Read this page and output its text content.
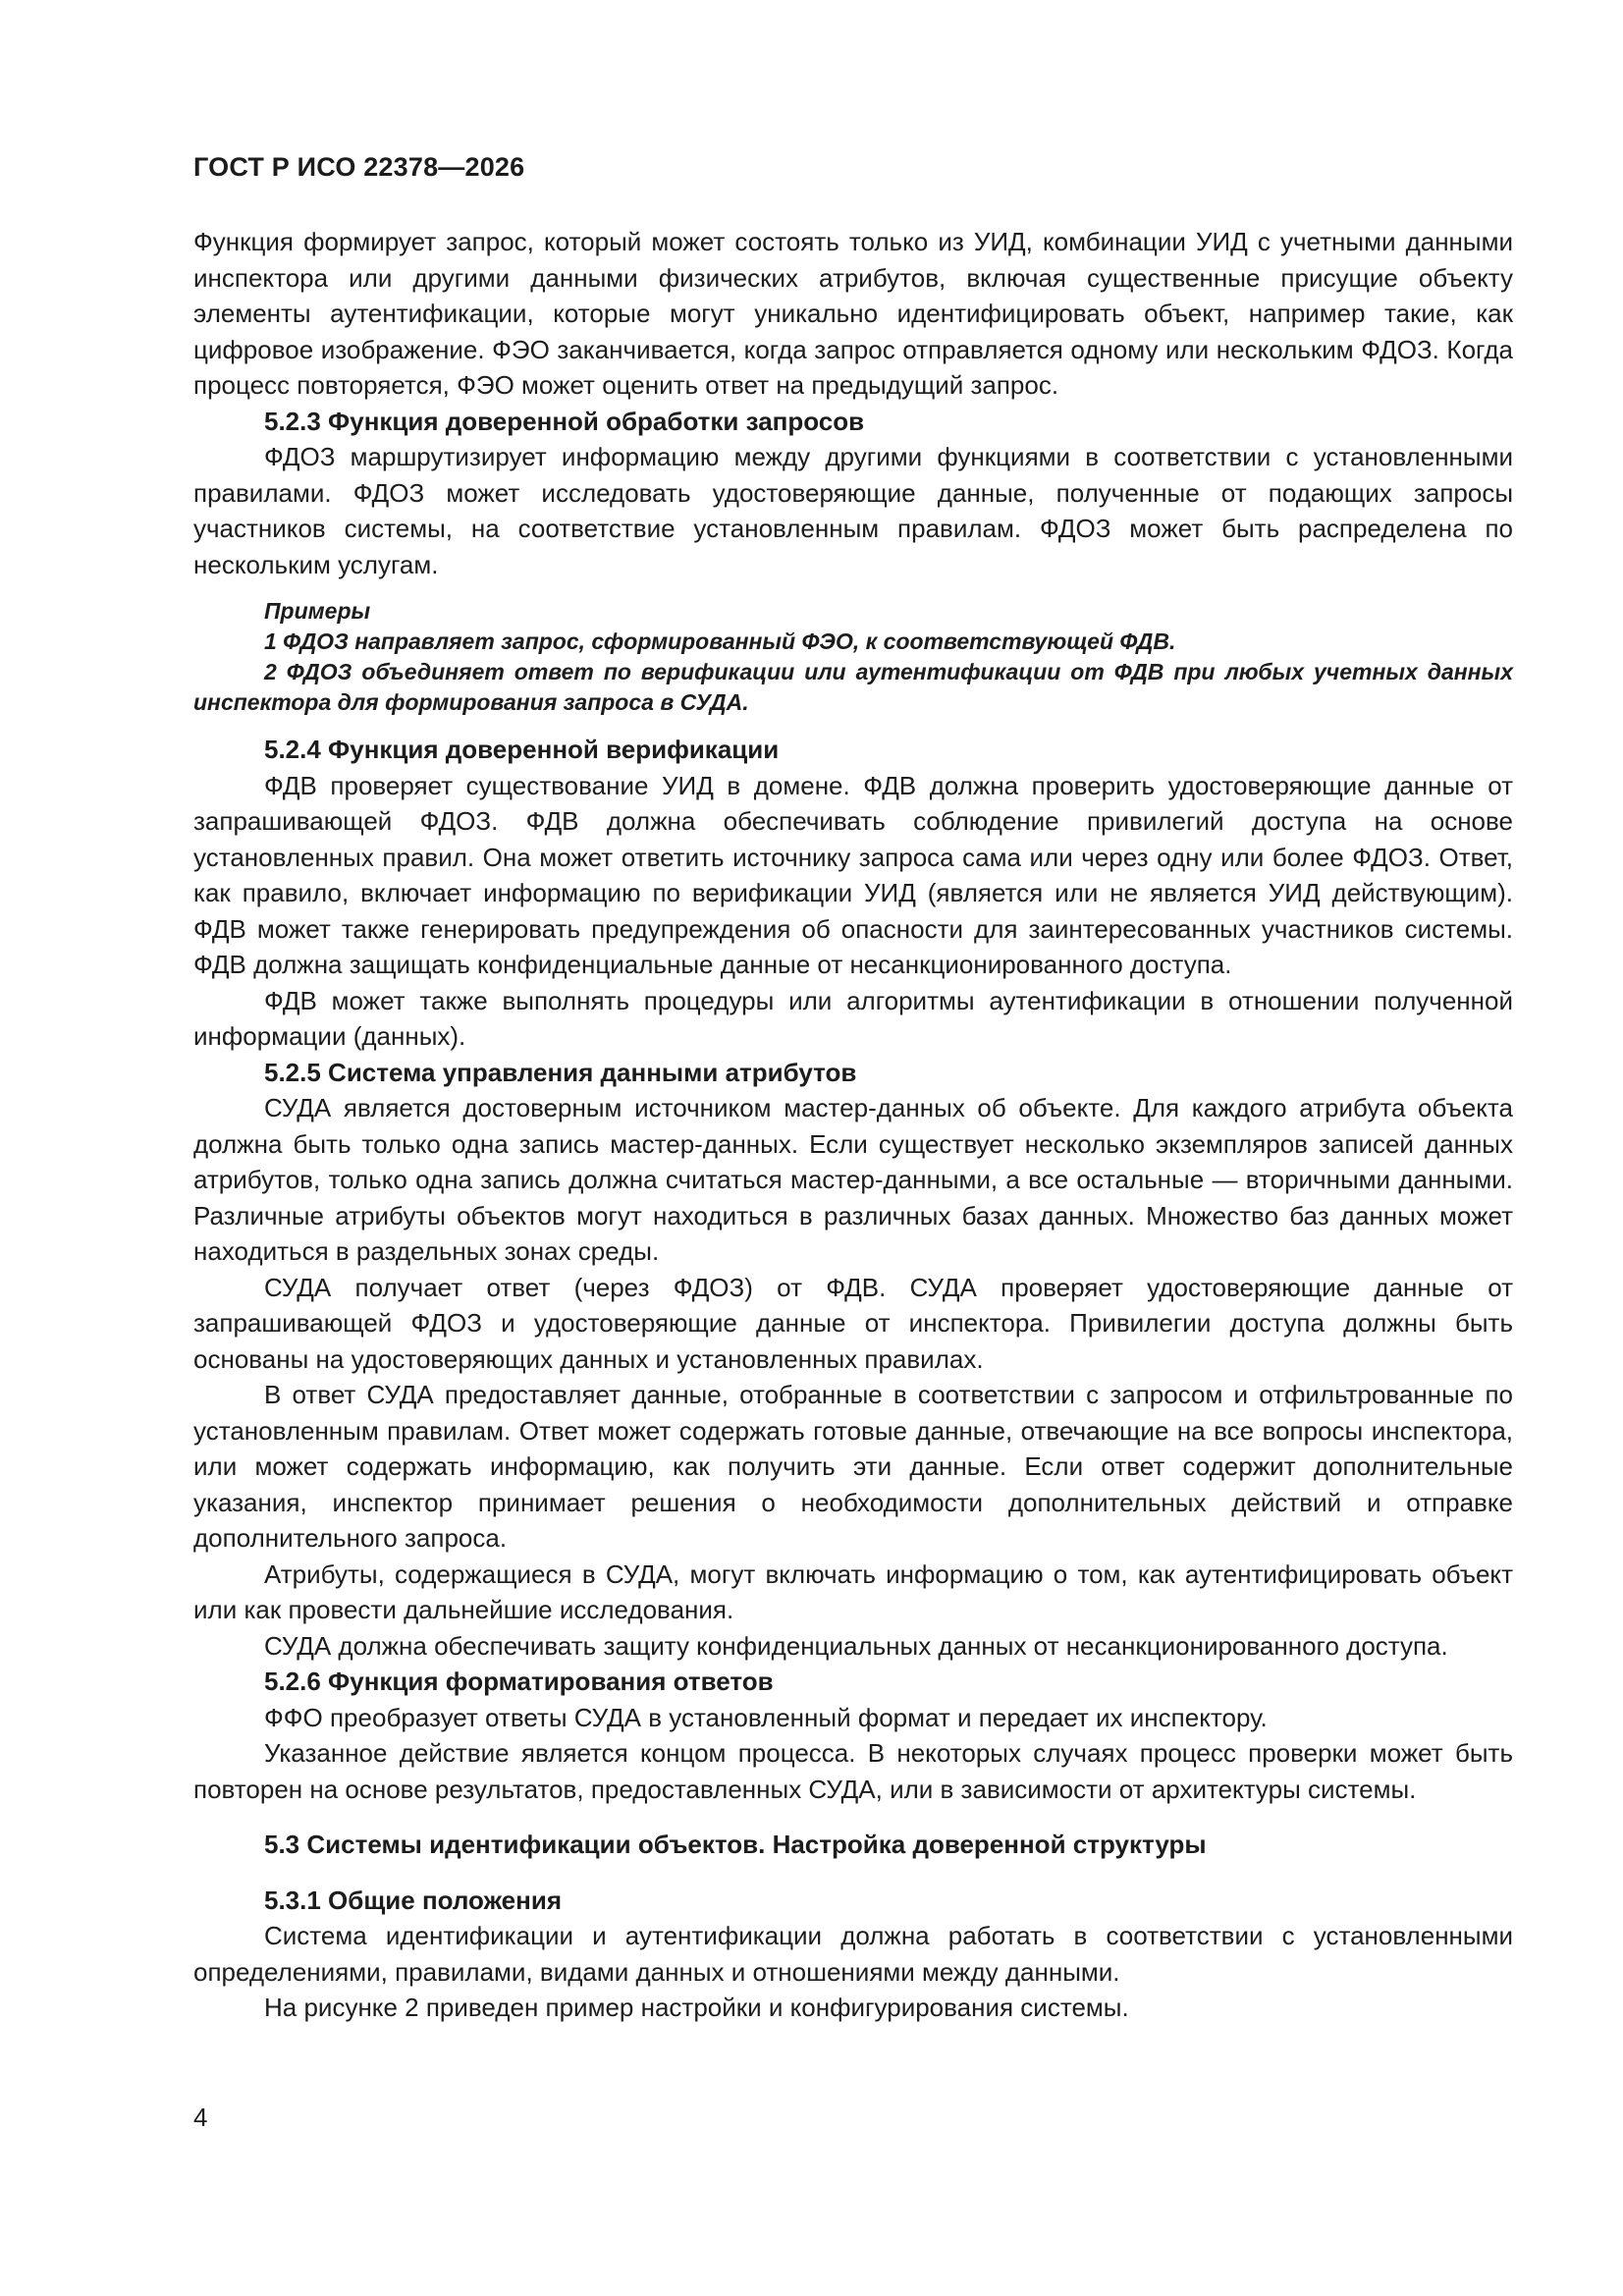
ГОСТ Р ИСО 22378—2026

Функция формирует запрос, который может состоять только из УИД, комбинации УИД с учетными данными инспектора или другими данными физических атрибутов, включая существенные присущие объекту элементы аутентификации, которые могут уникально идентифицировать объект, например такие, как цифровое изображение. ФЭО заканчивается, когда запрос отправляется одному или нескольким ФДОЗ. Когда процесс повторяется, ФЭО может оценить ответ на предыдущий запрос.

5.2.3 Функция доверенной обработки запросов

ФДОЗ маршрутизирует информацию между другими функциями в соответствии с установленными правилами. ФДОЗ может исследовать удостоверяющие данные, полученные от подающих запросы участников системы, на соответствие установленным правилам. ФДОЗ может быть распределена по нескольким услугам.

Примеры

1 ФДОЗ направляет запрос, сформированный ФЭО, к соответствующей ФДВ.

2 ФДОЗ объединяет ответ по верификации или аутентификации от ФДВ при любых учетных данных инспектора для формирования запроса в СУДА.

5.2.4 Функция доверенной верификации

ФДВ проверяет существование УИД в домене. ФДВ должна проверить удостоверяющие данные от запрашивающей ФДОЗ. ФДВ должна обеспечивать соблюдение привилегий доступа на основе установленных правил. Она может ответить источнику запроса сама или через одну или более ФДОЗ. Ответ, как правило, включает информацию по верификации УИД (является или не является УИД действующим). ФДВ может также генерировать предупреждения об опасности для заинтересованных участников системы. ФДВ должна защищать конфиденциальные данные от несанкционированного доступа.

ФДВ может также выполнять процедуры или алгоритмы аутентификации в отношении полученной информации (данных).

5.2.5 Система управления данными атрибутов

СУДА является достоверным источником мастер-данных об объекте. Для каждого атрибута объекта должна быть только одна запись мастер-данных. Если существует несколько экземпляров записей данных атрибутов, только одна запись должна считаться мастер-данными, а все остальные — вторичными данными. Различные атрибуты объектов могут находиться в различных базах данных. Множество баз данных может находиться в раздельных зонах среды.

СУДА получает ответ (через ФДОЗ) от ФДВ. СУДА проверяет удостоверяющие данные от запрашивающей ФДОЗ и удостоверяющие данные от инспектора. Привилегии доступа должны быть основаны на удостоверяющих данных и установленных правилах.

В ответ СУДА предоставляет данные, отобранные в соответствии с запросом и отфильтрованные по установленным правилам. Ответ может содержать готовые данные, отвечающие на все вопросы инспектора, или может содержать информацию, как получить эти данные. Если ответ содержит дополнительные указания, инспектор принимает решения о необходимости дополнительных действий и отправке дополнительного запроса.

Атрибуты, содержащиеся в СУДА, могут включать информацию о том, как аутентифицировать объект или как провести дальнейшие исследования.

СУДА должна обеспечивать защиту конфиденциальных данных от несанкционированного доступа.

5.2.6 Функция форматирования ответов

ФФО преобразует ответы СУДА в установленный формат и передает их инспектору.

Указанное действие является концом процесса. В некоторых случаях процесс проверки может быть повторен на основе результатов, предоставленных СУДА, или в зависимости от архитектуры системы.

5.3 Системы идентификации объектов. Настройка доверенной структуры
5.3.1 Общие положения

Система идентификации и аутентификации должна работать в соответствии с установленными определениями, правилами, видами данных и отношениями между данными.

На рисунке 2 приведен пример настройки и конфигурирования системы.

4
